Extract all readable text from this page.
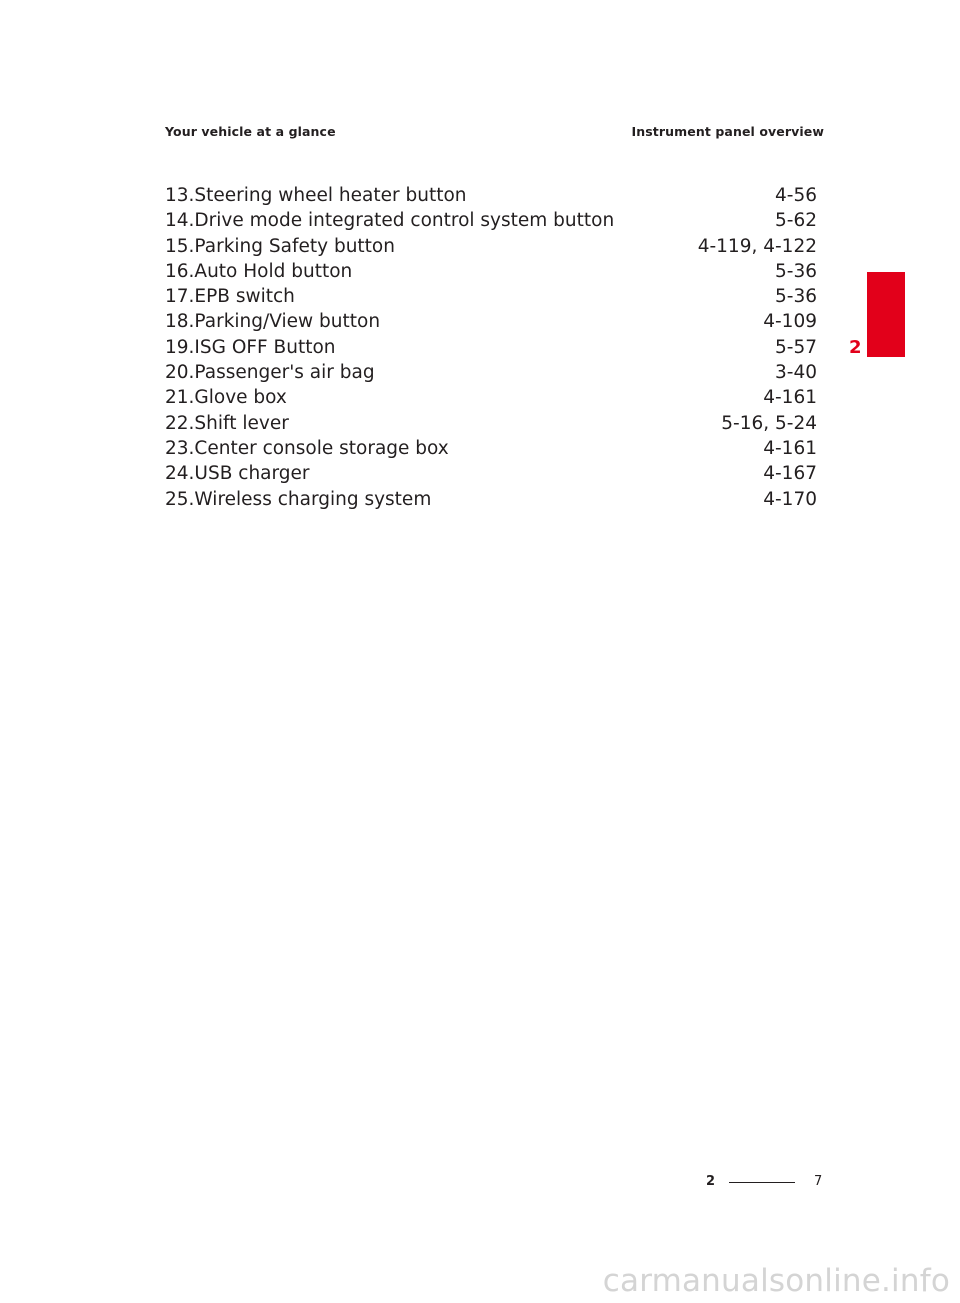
Your vehicle at a glance	Instrument panel overview
13.Steering wheel heater button	4-56
14.Drive mode integrated control system button	5-62
15.Parking Safety button	4-119, 4-122
16.Auto Hold button	5-36
17.EPB switch	5-36
18.Parking/View button	4-109
19.ISG OFF Button	5-57
20.Passenger's air bag	3-40
21.Glove box	4-161
22.Shift lever	5-16, 5-24
23.Center console storage box	4-161
24.USB charger	4-167
25.Wireless charging system	4-170
2
2	7
carmanualsonline.info
